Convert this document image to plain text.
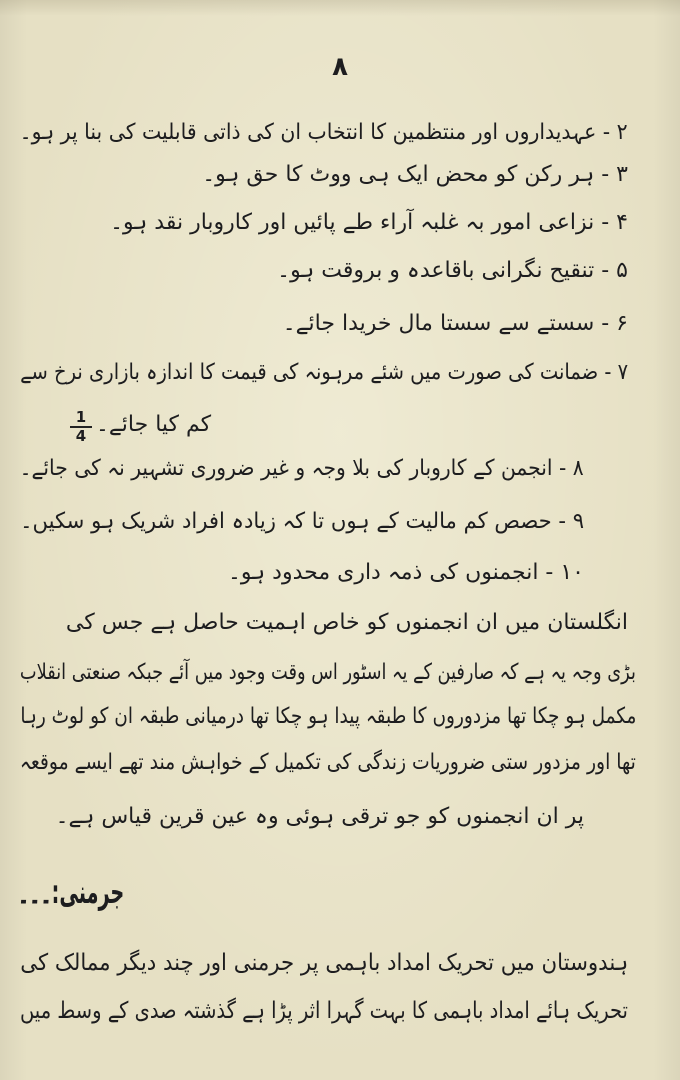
۸
۲ - عہدیداروں اور منتظمین کا انتخاب ان کی ذاتی قابلیت کی بنا پر ہو۔
۳ - ہر رکن کو محض ایک ہی ووٹ کا حق ہو۔
۴ - نزاعی امور بہ غلبہ آراء طے پائیں اور کاروبار نقد ہو۔
۵ - تنقیح نگرانی باقاعدہ و بروقت ہو۔
۶ - سستے سے سستا مال خریدا جائے۔
۷ - ضمانت کی صورت میں شئے مرہونہ کی قیمت کا اندازہ بازاری نرخ سے
1
4 کم کیا جائے۔
۸ - انجمن کے کاروبار کی بلا وجہ و غیر ضروری تشہیر نہ کی جائے۔
۹ - حصص کم مالیت کے ہوں تا کہ زیادہ افراد شریک ہو سکیں۔
۱۰ - انجمنوں کی ذمہ داری محدود ہو۔
انگلستان میں ان انجمنوں کو خاص اہمیت حاصل ہے جس کی
بڑی وجہ یہ ہے کہ صارفین کے یہ اسٹور اس وقت وجود میں آئے جبکہ صنعتی انقلاب
مکمل ہو چکا تھا مزدوروں کا طبقہ پیدا ہو چکا تھا درمیانی طبقہ ان کو لوٹ رہا
تھا اور مزدور ستی ضروریات زندگی کی تکمیل کے خواہش مند تھے ایسے موقعہ
پر ان انجمنوں کو جو ترقی ہوئی وہ عین قرین قیاس ہے۔
جرمنی:۔۔۔
ہندوستان میں تحریک امداد باہمی پر جرمنی اور چند دیگر ممالک کی
تحریک ہائے امداد باہمی کا بہت گہرا اثر پڑا ہے گذشتہ صدی کے وسط میں
